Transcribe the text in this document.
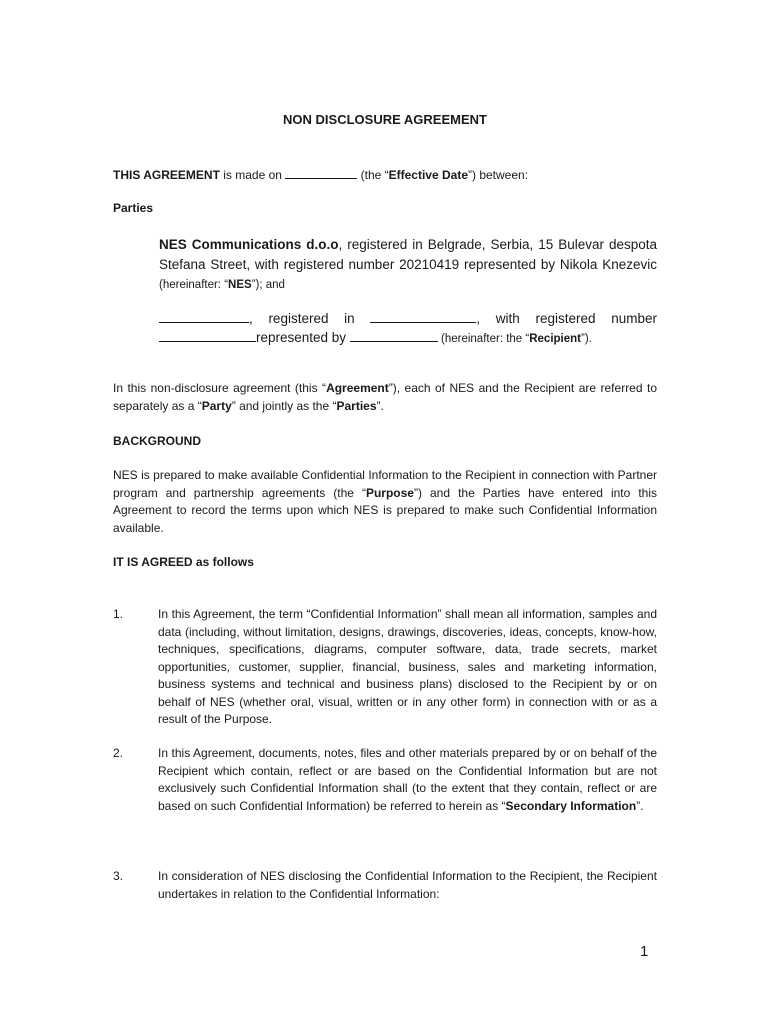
NON DISCLOSURE AGREEMENT
THIS AGREEMENT is made on	(the “Effective Date”) between:
Parties
NES Communications d.o.o, registered in Belgrade, Serbia, 15 Bulevar despota Stefana Street, with registered number 20210419 represented by Nikola Knezevic (hereinafter: “NES”); and
, registered in	, with registered number
represented by	(hereinafter: the “Recipient”).
In this non-disclosure agreement (this “Agreement”), each of NES and the Recipient are referred to separately as a “Party” and jointly as the “Parties”.
BACKGROUND
NES is prepared to make available Confidential Information to the Recipient in connection with Partner program and partnership agreements (the “Purpose”) and the Parties have entered into this Agreement to record the terms upon which NES is prepared to make such Confidential Information available.
IT IS AGREED as follows
1.	In this Agreement, the term “Confidential Information” shall mean all information, samples and data (including, without limitation, designs, drawings, discoveries, ideas, concepts, know-how, techniques, specifications, diagrams, computer software, data, trade secrets, market opportunities, customer, supplier, financial, business, sales and marketing information, business systems and technical and business plans) disclosed to the Recipient by or on behalf of NES (whether oral, visual, written or in any other form) in connection with or as a result of the Purpose.
2.	In this Agreement, documents, notes, files and other materials prepared by or on behalf of the Recipient which contain, reflect or are based on the Confidential Information but are not exclusively such Confidential Information shall (to the extent that they contain, reflect or are based on such Confidential Information) be referred to herein as “Secondary Information”.
3.	In consideration of NES disclosing the Confidential Information to the Recipient, the Recipient undertakes in relation to the Confidential Information:
1
